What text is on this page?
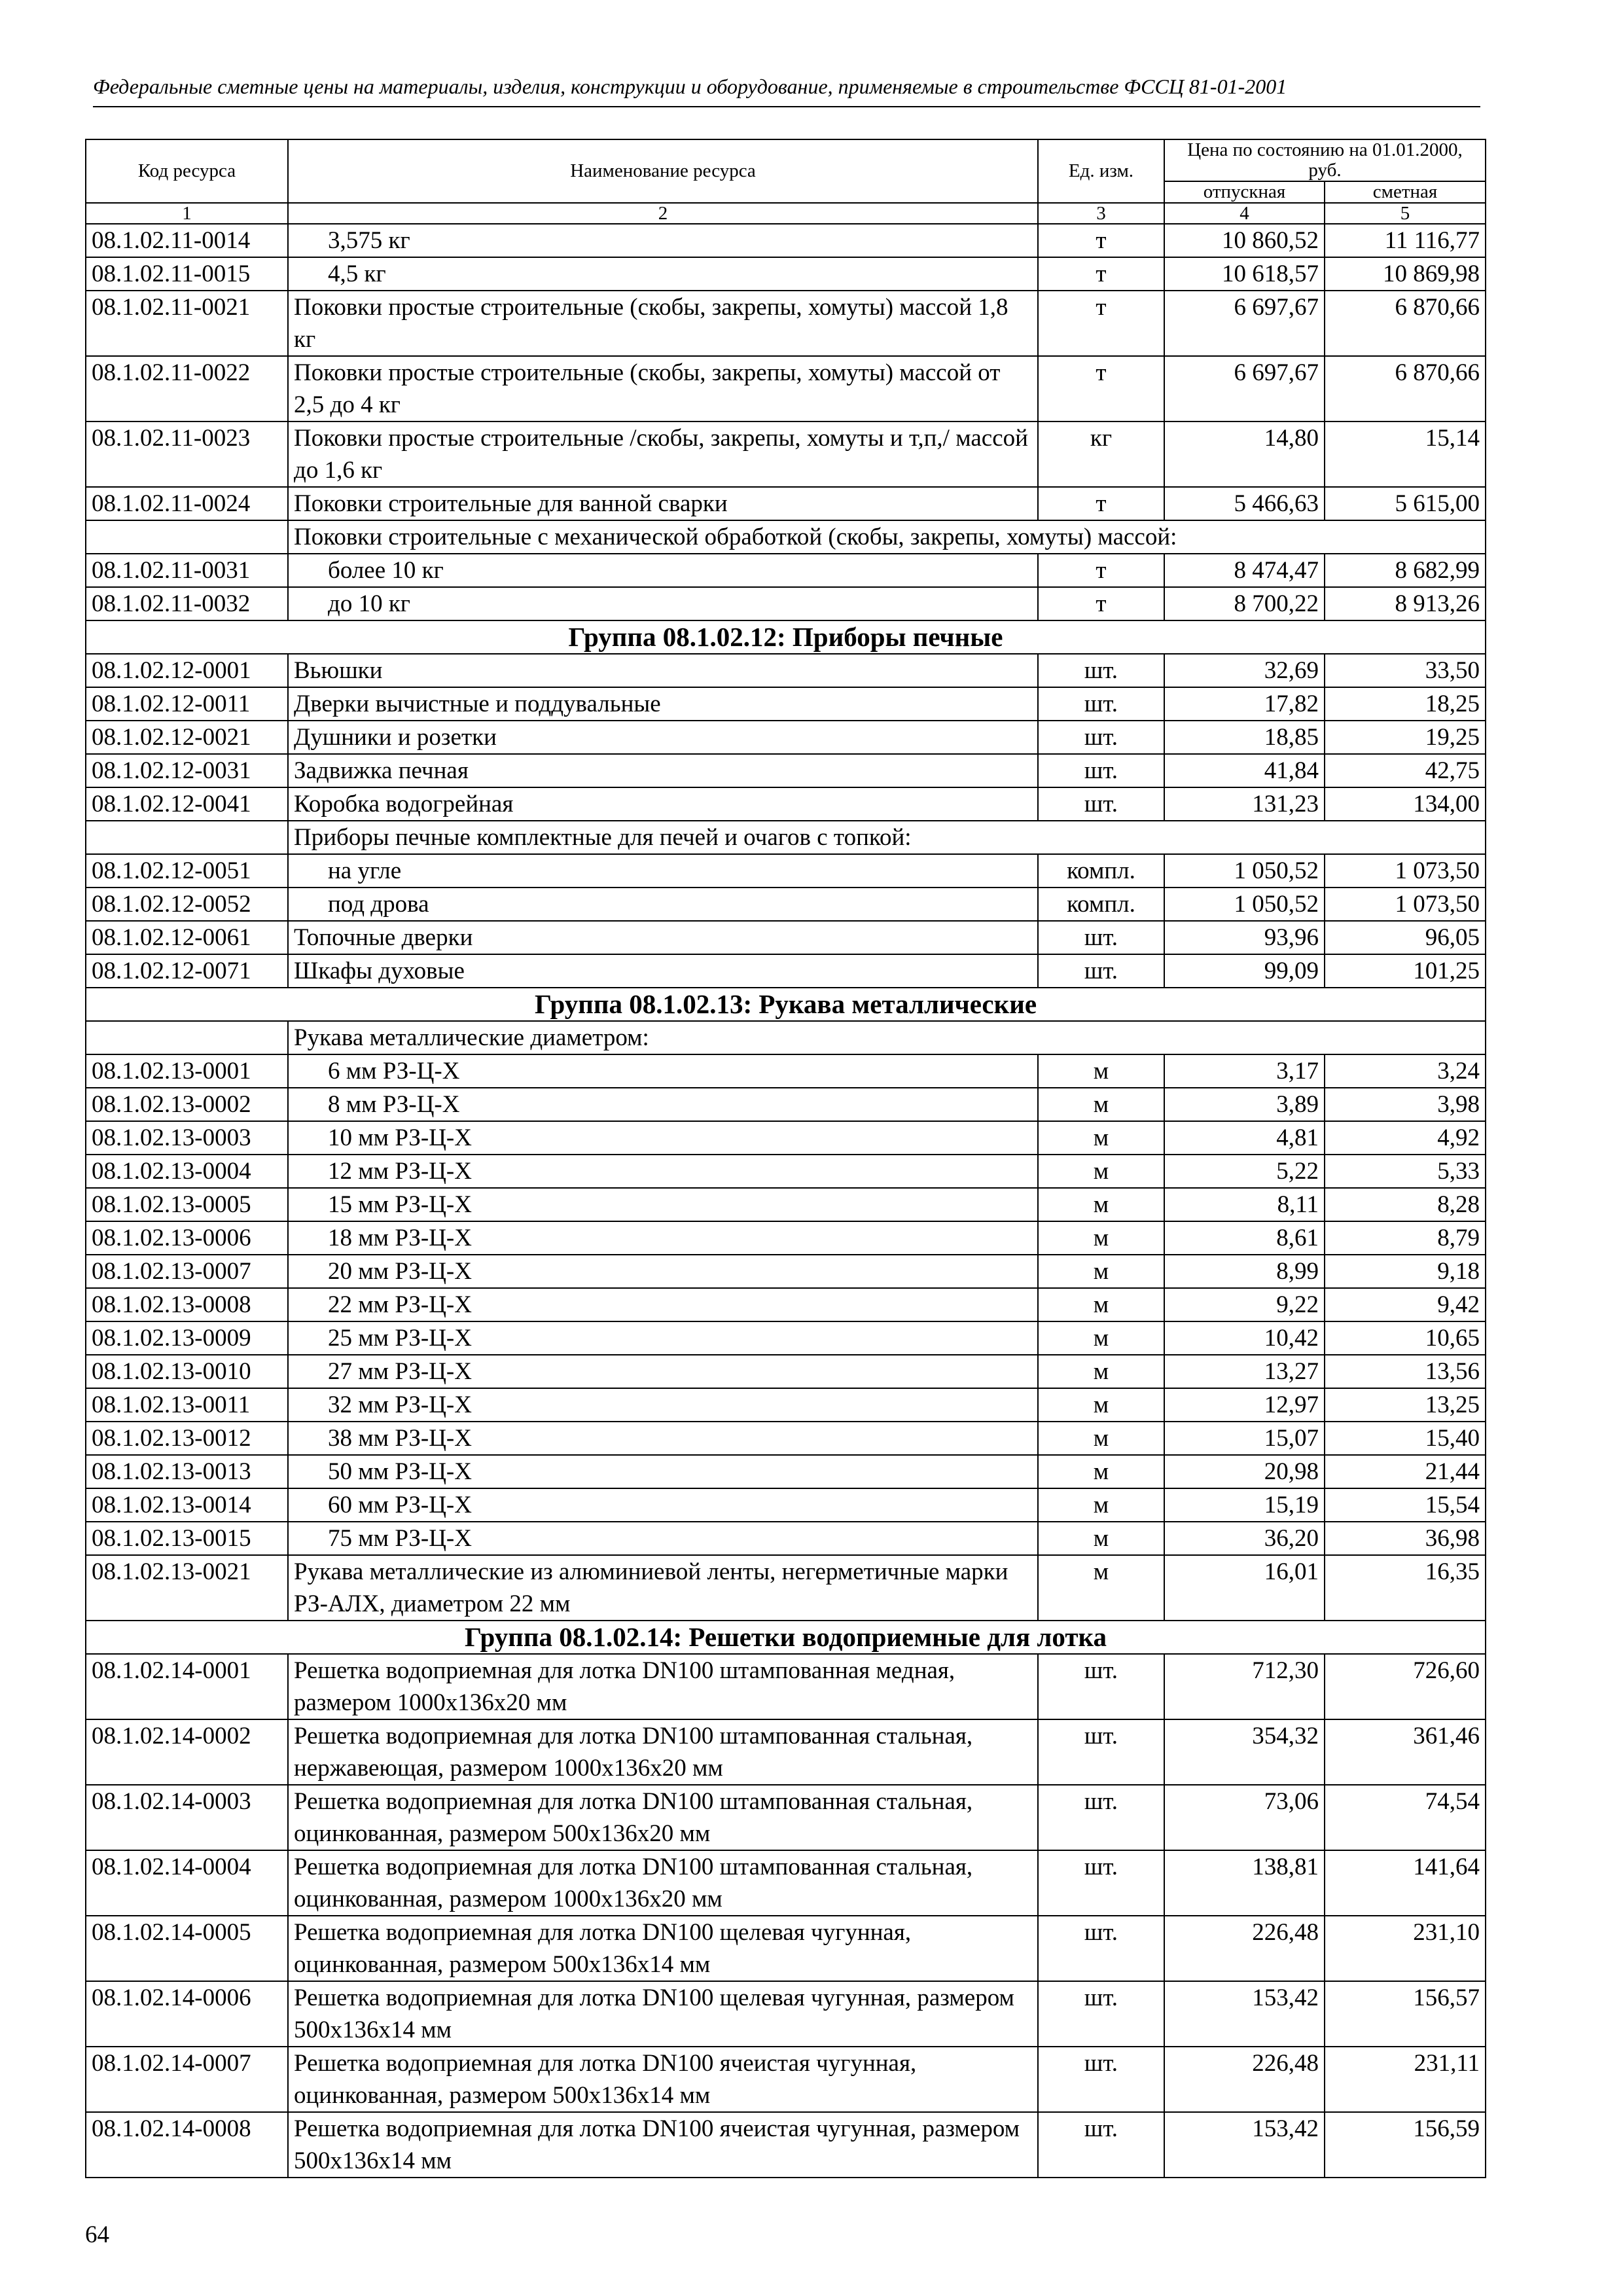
Федеральные сметные цены на материалы, изделия, конструкции и оборудование, применяемые в строительстве ФССЦ 81-01-2001
Код ресурса	Наименование ресурса	Ед. изм.	Цена по состоянию на 01.01.2000, руб.	
			отпускная	сметная
1	2	3	4	5
08.1.02.11-0014	3,575 кг	т	10 860,52	11 116,77
08.1.02.11-0015	4,5 кг	т	10 618,57	10 869,98
08.1.02.11-0021	Поковки простые строительные (скобы, закрепы, хомуты) массой 1,8 кг	т	6 697,67	6 870,66
08.1.02.11-0022	Поковки простые строительные (скобы, закрепы, хомуты) массой от 2,5 до 4 кг	т	6 697,67	6 870,66
08.1.02.11-0023	Поковки простые строительные /скобы, закрепы, хомуты и т,п,/ массой до 1,6 кг	кг	14,80	15,14
08.1.02.11-0024	Поковки строительные для ванной сварки	т	5 466,63	5 615,00
	Поковки строительные с механической обработкой (скобы, закрепы, хомуты) массой:			
08.1.02.11-0031	более 10 кг	т	8 474,47	8 682,99
08.1.02.11-0032	до 10 кг	т	8 700,22	8 913,26
Группа 08.1.02.12: Приборы печные				
08.1.02.12-0001	Вьюшки	шт.	32,69	33,50
08.1.02.12-0011	Дверки вычистные и поддувальные	шт.	17,82	18,25
08.1.02.12-0021	Душники и розетки	шт.	18,85	19,25
08.1.02.12-0031	Задвижка печная	шт.	41,84	42,75
08.1.02.12-0041	Коробка водогрейная	шт.	131,23	134,00
	Приборы печные комплектные для печей и очагов с топкой:			
08.1.02.12-0051	на угле	компл.	1 050,52	1 073,50
08.1.02.12-0052	под дрова	компл.	1 050,52	1 073,50
08.1.02.12-0061	Топочные дверки	шт.	93,96	96,05
08.1.02.12-0071	Шкафы духовые	шт.	99,09	101,25
Группа 08.1.02.13: Рукава металлические				
	Рукава металлические диаметром:			
08.1.02.13-0001	6 мм РЗ-Ц-Х	м	3,17	3,24
08.1.02.13-0002	8 мм РЗ-Ц-Х	м	3,89	3,98
08.1.02.13-0003	10 мм РЗ-Ц-Х	м	4,81	4,92
08.1.02.13-0004	12 мм РЗ-Ц-Х	м	5,22	5,33
08.1.02.13-0005	15 мм РЗ-Ц-Х	м	8,11	8,28
08.1.02.13-0006	18 мм РЗ-Ц-Х	м	8,61	8,79
08.1.02.13-0007	20 мм РЗ-Ц-Х	м	8,99	9,18
08.1.02.13-0008	22 мм РЗ-Ц-Х	м	9,22	9,42
08.1.02.13-0009	25 мм РЗ-Ц-Х	м	10,42	10,65
08.1.02.13-0010	27 мм РЗ-Ц-Х	м	13,27	13,56
08.1.02.13-0011	32 мм РЗ-Ц-Х	м	12,97	13,25
08.1.02.13-0012	38 мм РЗ-Ц-Х	м	15,07	15,40
08.1.02.13-0013	50 мм РЗ-Ц-Х	м	20,98	21,44
08.1.02.13-0014	60 мм РЗ-Ц-Х	м	15,19	15,54
08.1.02.13-0015	75 мм РЗ-Ц-Х	м	36,20	36,98
08.1.02.13-0021	Рукава металлические из алюминиевой ленты, негерметичные марки РЗ-АЛХ, диаметром 22 мм	м	16,01	16,35
Группа 08.1.02.14: Решетки водоприемные для лотка				
08.1.02.14-0001	Решетка водоприемная для лотка DN100 штампованная медная, размером 1000х136х20 мм	шт.	712,30	726,60
08.1.02.14-0002	Решетка водоприемная для лотка DN100 штампованная стальная, нержавеющая, размером 1000х136х20 мм	шт.	354,32	361,46
08.1.02.14-0003	Решетка водоприемная для лотка DN100 штампованная стальная, оцинкованная, размером 500х136х20 мм	шт.	73,06	74,54
08.1.02.14-0004	Решетка водоприемная для лотка DN100 штампованная стальная, оцинкованная, размером 1000х136х20 мм	шт.	138,81	141,64
08.1.02.14-0005	Решетка водоприемная для лотка DN100 щелевая чугунная, оцинкованная, размером 500х136х14 мм	шт.	226,48	231,10
08.1.02.14-0006	Решетка водоприемная для лотка DN100 щелевая чугунная, размером 500х136х14 мм	шт.	153,42	156,57
08.1.02.14-0007	Решетка водоприемная для лотка DN100 ячеистая чугунная, оцинкованная, размером 500х136х14 мм	шт.	226,48	231,11
08.1.02.14-0008	Решетка водоприемная для лотка DN100 ячеистая чугунная, размером 500х136х14 мм	шт.	153,42	156,59
64
